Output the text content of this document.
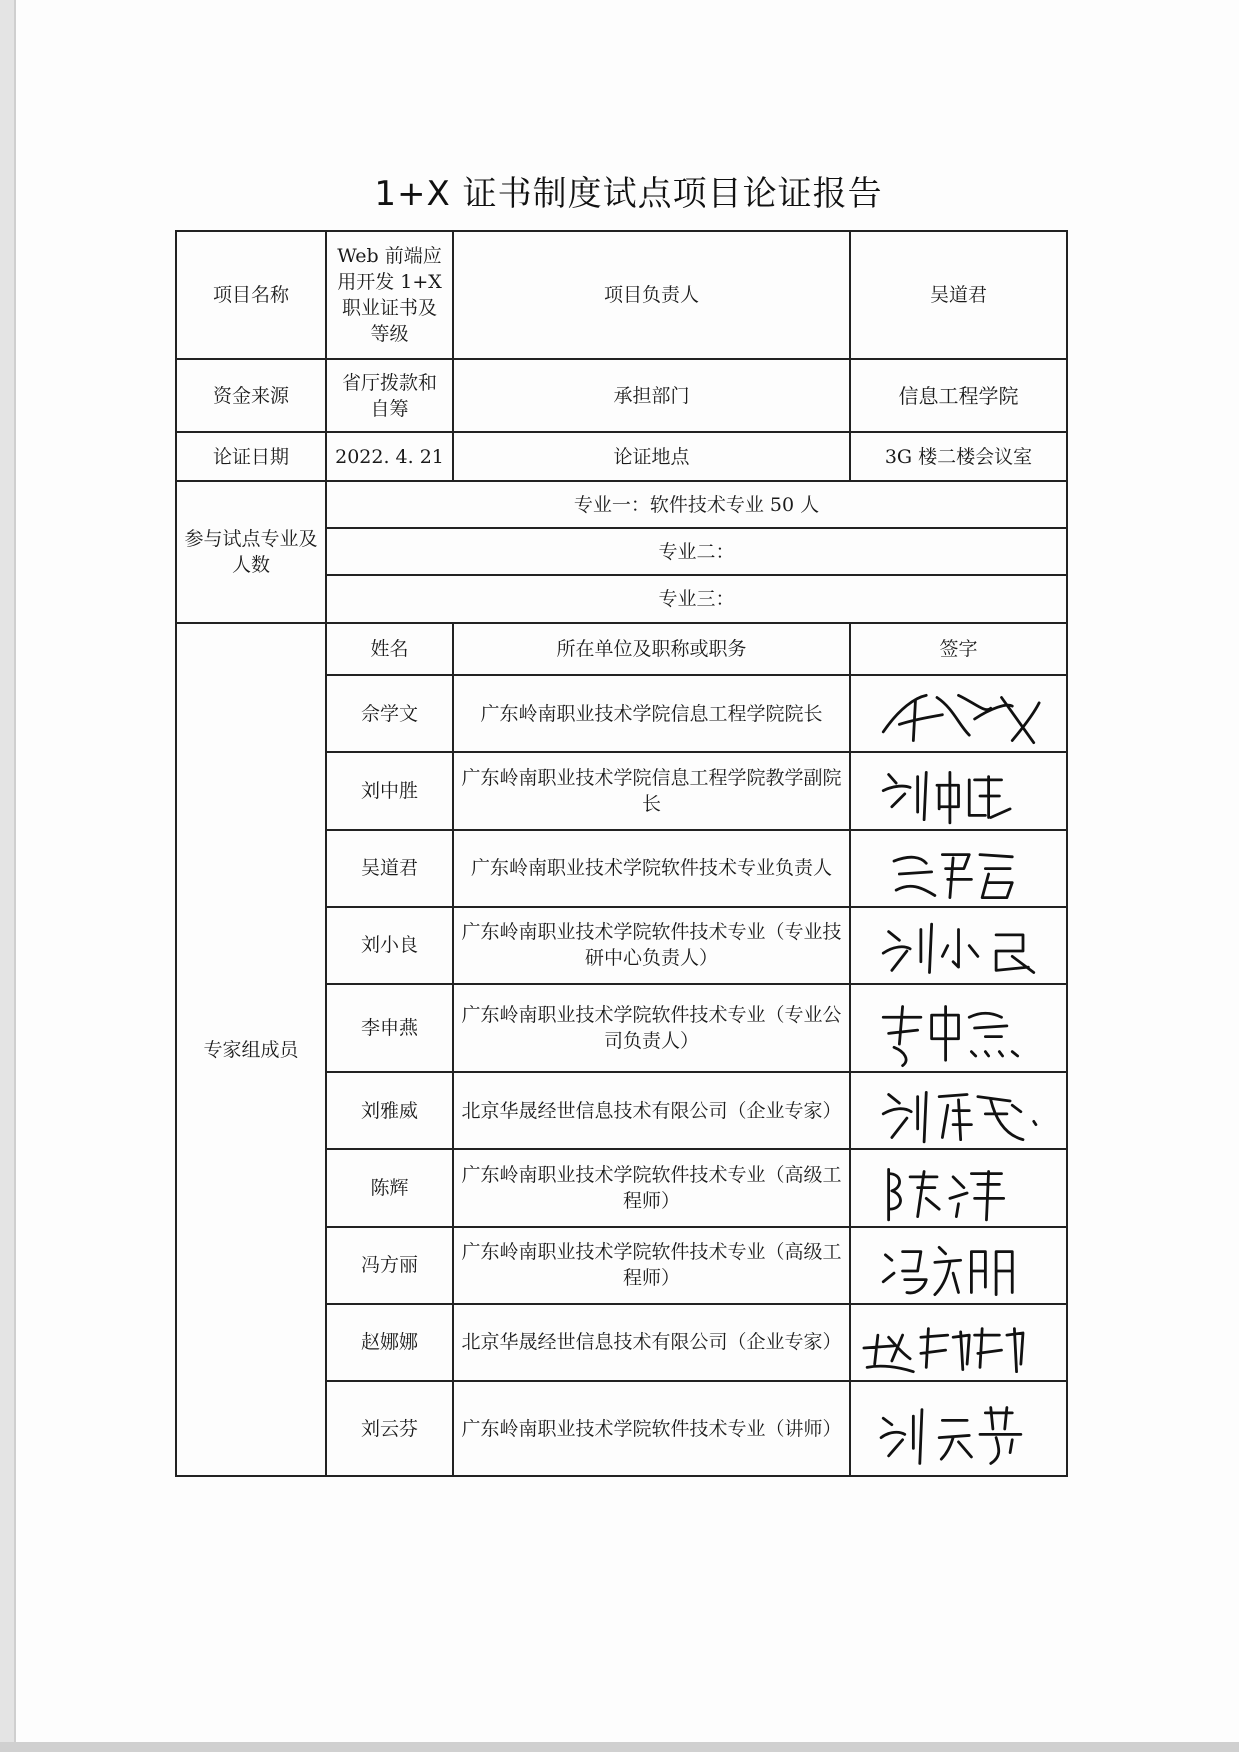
1+X 证书制度试点项目论证报告
项目名称	Web 前端应用开发 1+X 职业证书及等级	项目负责人	吴道君
资金来源	省厅拨款和自筹	承担部门	信息工程学院
论证日期	2022. 4. 21	论证地点	3G 楼二楼会议室
参与试点专业及人数	专业一：软件技术专业 50 人		
	专业二：		
	专业三：		
专家组成员	姓名	所在单位及职称或职务	签字
	佘学文	广东岭南职业技术学院信息工程学院院长	

	刘中胜	广东岭南职业技术学院信息工程学院教学副院长	

	吴道君	广东岭南职业技术学院软件技术专业负责人	

	刘小良	广东岭南职业技术学院软件技术专业（专业技研中心负责人）	

	李申燕	广东岭南职业技术学院软件技术专业（专业公司负责人）	

	刘雅威	北京华晟经世信息技术有限公司（企业专家）	

	陈辉	广东岭南职业技术学院软件技术专业（高级工程师）	

	冯方丽	广东岭南职业技术学院软件技术专业（高级工程师）	

	赵娜娜	北京华晟经世信息技术有限公司（企业专家）	

	刘云芬	广东岭南职业技术学院软件技术专业（讲师）	
